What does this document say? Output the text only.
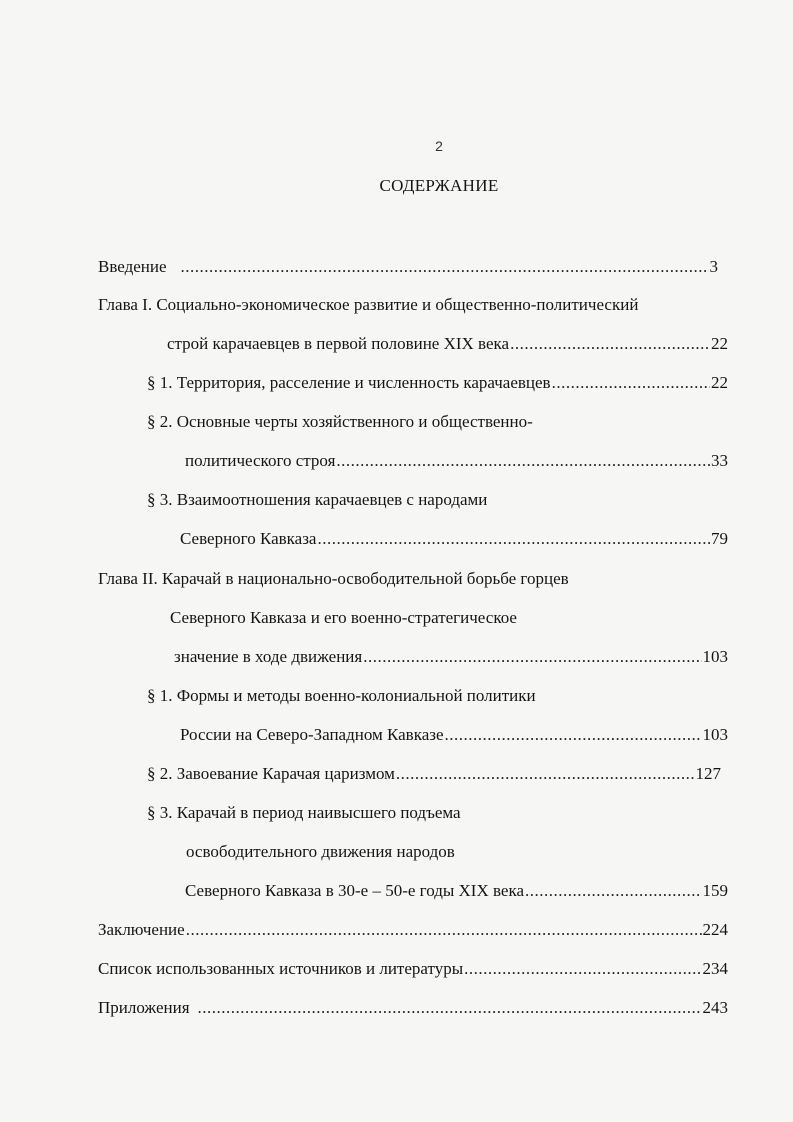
2
СОДЕРЖАНИЕ
Введение .....	3
Глава I. Социально-экономическое развитие и общественно-политический
строй карачаевцев в первой половине XIX века .....	22
§ 1. Территория, расселение и численность карачаевцев .....	22
§ 2. Основные черты хозяйственного и общественно-
политического строя .....	33
§ 3. Взаимоотношения карачаевцев с народами
Северного Кавказа .....	79
Глава II. Карачай в национально-освободительной борьбе горцев
Северного Кавказа и его военно-стратегическое
значение в ходе движения .....	103
§ 1. Формы и методы военно-колониальной политики
России на Северо-Западном Кавказе .....	103
§ 2. Завоевание Карачая царизмом .....	127
§ 3. Карачай в период наивысшего подъема
освободительного движения народов
Северного Кавказа в 30-е – 50-е годы XIX века .....	159
Заключение .....	224
Список использованных источников и литературы .....	234
Приложения .....	243
